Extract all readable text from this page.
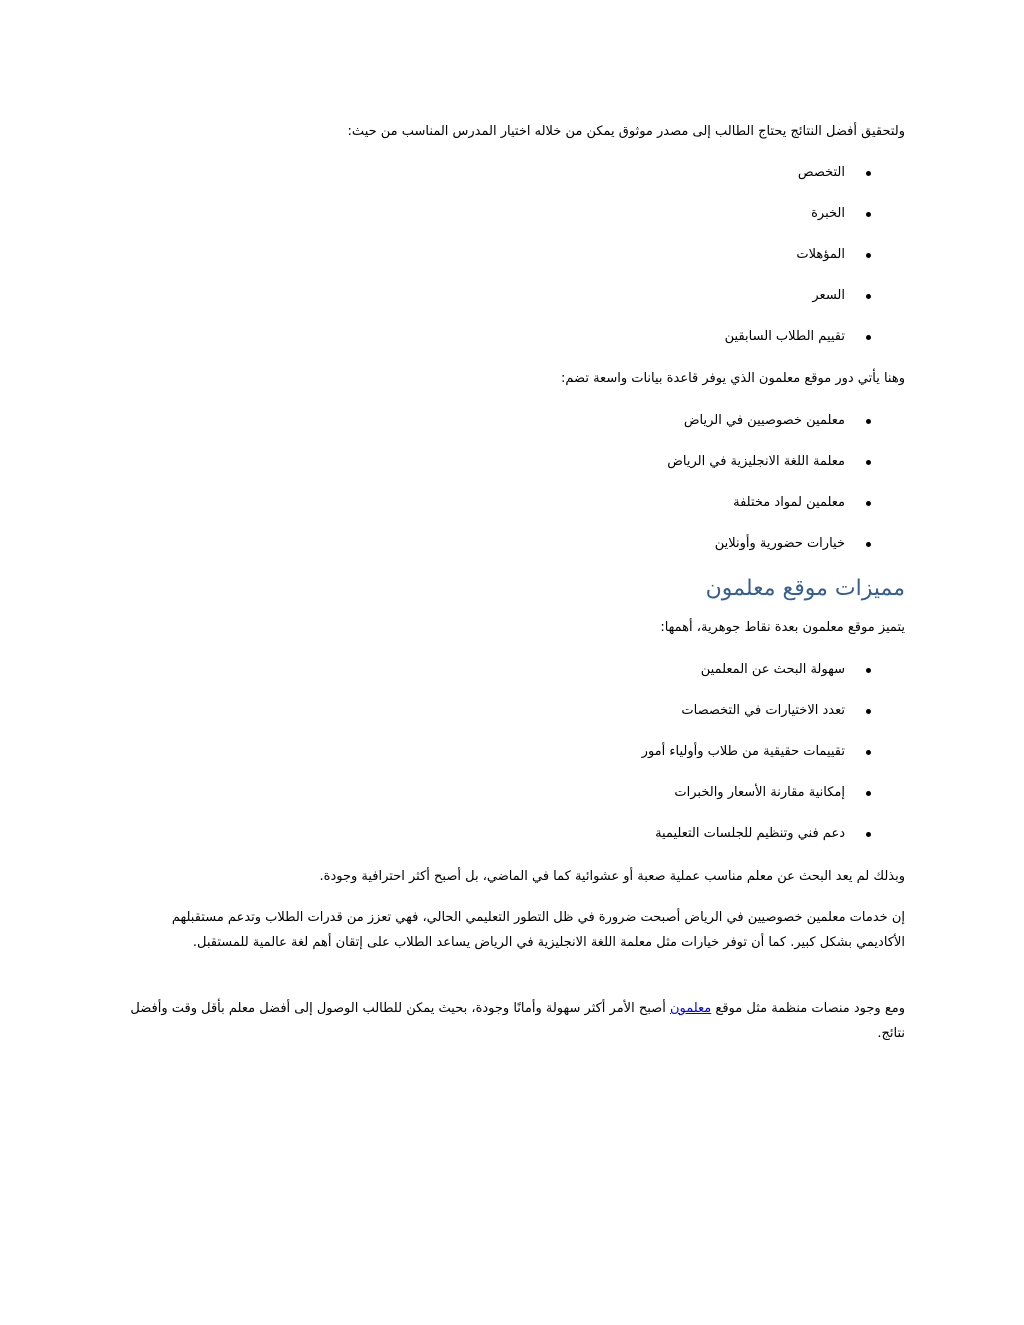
ولتحقيق أفضل النتائج يحتاج الطالب إلى مصدر موثوق يمكن من خلاله اختيار المدرس المناسب من حيث:
التخصص
الخبرة
المؤهلات
السعر
تقييم الطلاب السابقين
وهنا يأتي دور موقع معلمون الذي يوفر قاعدة بيانات واسعة تضم:
معلمين خصوصيين في الرياض
معلمة اللغة الانجليزية في الرياض
معلمين لمواد مختلفة
خيارات حضورية وأونلاين
مميزات موقع معلمون
يتميز موقع معلمون بعدة نقاط جوهرية، أهمها:
سهولة البحث عن المعلمين
تعدد الاختيارات في التخصصات
تقييمات حقيقية من طلاب وأولياء أمور
إمكانية مقارنة الأسعار والخبرات
دعم فني وتنظيم للجلسات التعليمية
وبذلك لم يعد البحث عن معلم مناسب عملية صعبة أو عشوائية كما في الماضي، بل أصبح أكثر احترافية وجودة.
إن خدمات معلمين خصوصيين في الرياض أصبحت ضرورة في ظل التطور التعليمي الحالي، فهي تعزز من قدرات الطلاب وتدعم مستقبلهم الأكاديمي بشكل كبير. كما أن توفر خيارات مثل معلمة اللغة الانجليزية في الرياض يساعد الطلاب على إتقان أهم لغة عالمية للمستقبل.
ومع وجود منصات منظمة مثل موقع معلمون أصبح الأمر أكثر سهولة وأمانًا وجودة، بحيث يمكن للطالب الوصول إلى أفضل معلم بأقل وقت وأفضل نتائج.
